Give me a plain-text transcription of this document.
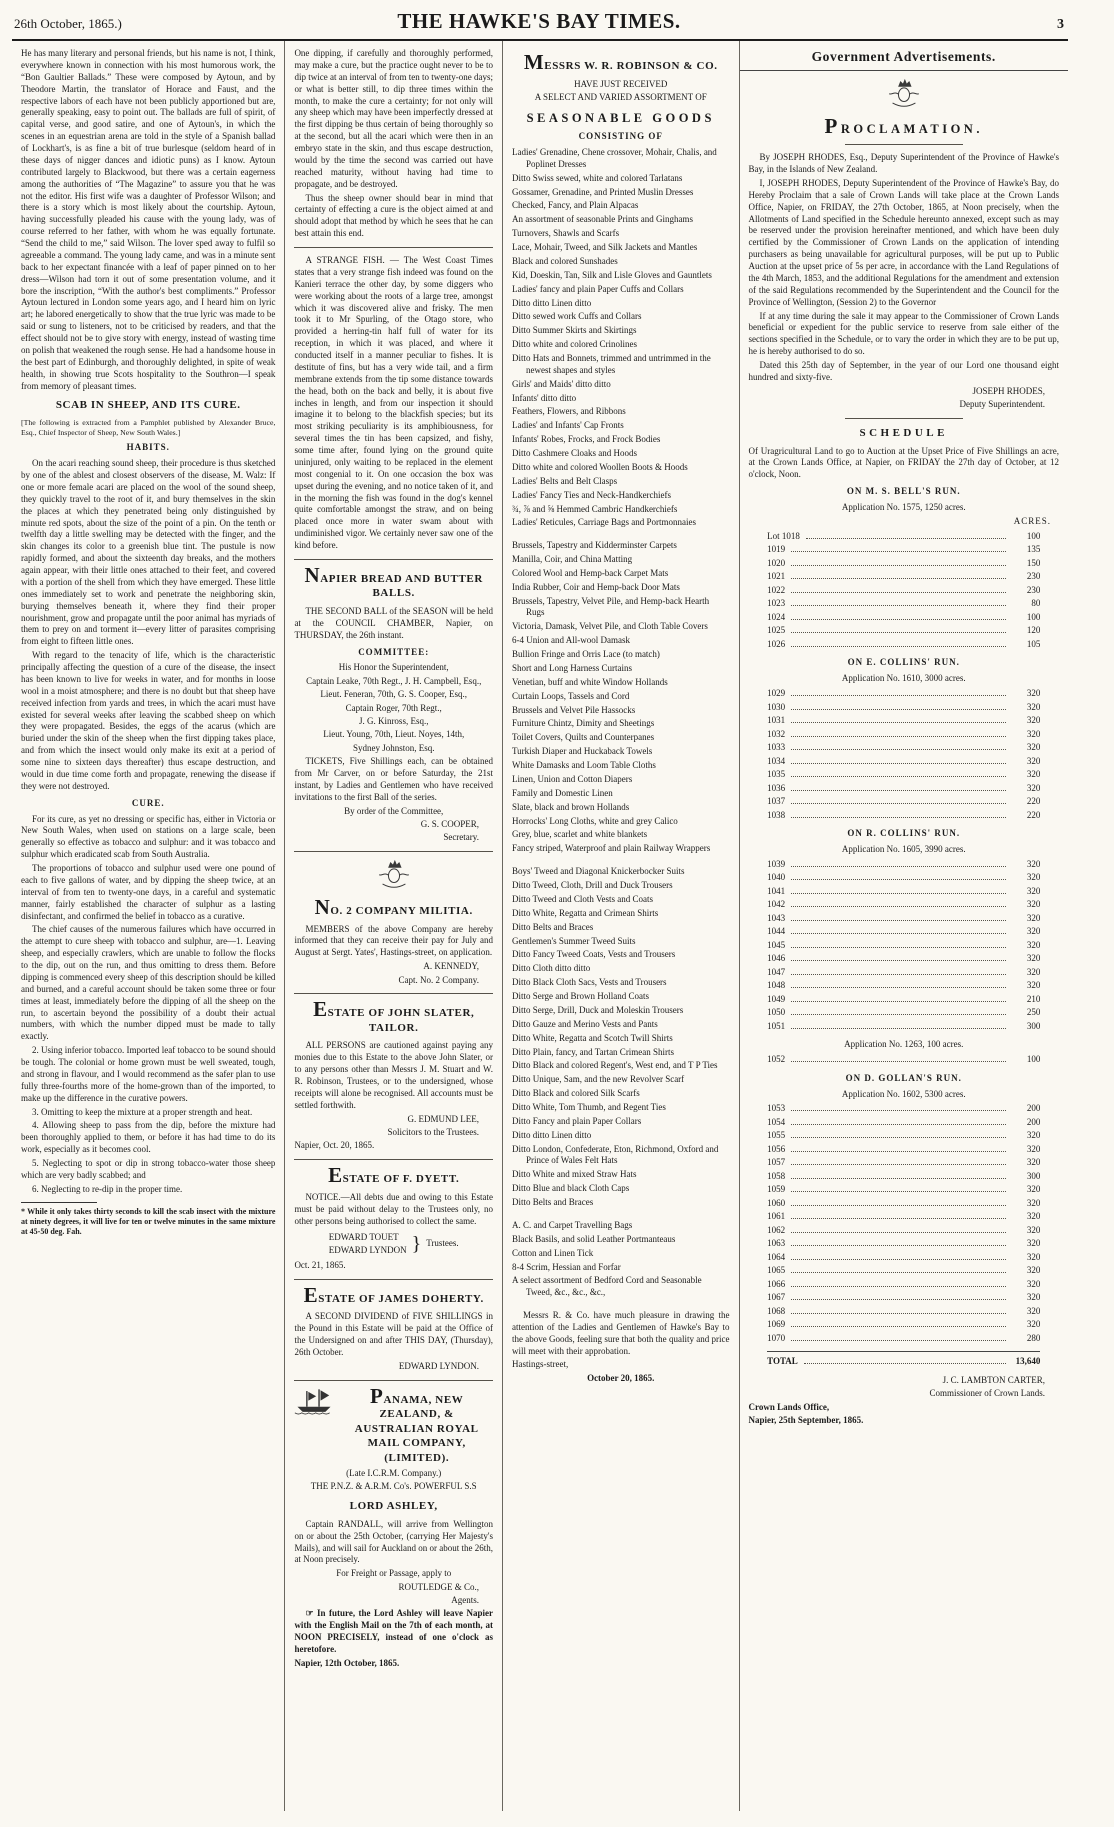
26th October, 1865.)	THE HAWKE'S BAY TIMES.	3

He has many literary and personal friends, but his name is not, I think, everywhere known in connection with his most humorous work, the “Bon Gaultier Ballads.” These were composed by Aytoun, and by Theodore Martin, the translator of Horace and Faust, and the respective labors of each have not been publicly apportioned but are, generally speaking, easy to point out. The ballads are full of spirit, of capital verse, and good satire, and one of Aytoun's, in which the scenes in an equestrian arena are told in the style of a Spanish ballad of Lockhart's, is as fine a bit of true burlesque (seldom heard of in these days of nigger dances and idiotic puns) as I know. Aytoun contributed largely to Blackwood, but there was a certain eagerness among the authorities of “The Magazine” to assure you that he was not the editor. His first wife was a daughter of Professor Wilson; and there is a story which is most likely about the courtship. Aytoun, having successfully pleaded his cause with the young lady, was of course referred to her father, with whom he was equally fortunate. “Send the child to me,” said Wilson. The lover sped away to fulfil so agreeable a command. The young lady came, and was in a minute sent back to her expectant financée with a leaf of paper pinned on to her dress—Wilson had torn it out of some presentation volume, and it bore the inscription, “With the author's best compliments.” Professor Aytoun lectured in London some years ago, and I heard him on lyric art; he labored energetically to show that the true lyric was made to be said or sung to listeners, not to be criticised by readers, and that the effect should not be to give story with energy, instead of wasting time on polish that weakened the rough sense. He had a handsome house in the best part of Edinburgh, and thoroughly delighted, in spite of weak health, in showing true Scots hospitality to the Southron—I speak from memory of pleasant times.

SCAB IN SHEEP, AND ITS CURE.

[The following is extracted from a Pamphlet published by Alexander Bruce, Esq., Chief Inspector of Sheep, New South Wales.]

HABITS.

On the acari reaching sound sheep, their procedure is thus sketched by one of the ablest and closest observers of the disease, M. Walz: If one or more female acari are placed on the wool of the sound sheep, they quickly travel to the root of it, and bury themselves in the skin the places at which they penetrated being only distinguished by minute red spots, about the size of the point of a pin. On the tenth or twelfth day a little swelling may be detected with the finger, and the skin changes its color to a greenish blue tint. The pustule is now rapidly formed, and about the sixteenth day breaks, and the mothers again appear, with their little ones attached to their feet, and covered with a portion of the shell from which they have emerged. These little ones immediately set to work and penetrate the neighboring skin, burying themselves beneath it, where they find their proper nourishment, grow and propagate until the poor animal has myriads of them to prey on and torment it—every litter of parasites comprising from eight to fifteen little ones.

With regard to the tenacity of life, which is the characteristic principally affecting the question of a cure of the disease, the insect has been known to live for weeks in water, and for months in loose wool in a moist atmosphere; and there is no doubt but that sheep have received infection from yards and trees, in which the acari must have existed for several weeks after leaving the scabbed sheep on which they were propagated. Besides, the eggs of the acarus (which are buried under the skin of the sheep when the first dipping takes place, and from which the insect would only make its exit at a period of some nine to sixteen days thereafter) thus escape destruction, and would in due time come forth and propagate, renewing the disease if they were not destroyed.

CURE.

For its cure, as yet no dressing or specific has, either in Victoria or New South Wales, when used on stations on a large scale, been generally so effective as tobacco and sulphur: and it was tobacco and sulphur which eradicated scab from South Australia.

The proportions of tobacco and sulphur used were one pound of each to five gallons of water, and by dipping the sheep twice, at an interval of from ten to twenty-one days, in a careful and systematic manner, fairly established the character of sulphur as a lasting disinfectant, and confirmed the belief in tobacco as a curative.

The chief causes of the numerous failures which have occurred in the attempt to cure sheep with tobacco and sulphur, are—1. Leaving sheep, and especially crawlers, which are unable to follow the flocks to the dip, out on the run, and thus omitting to dress them. Before dipping is commenced every sheep of this description should be killed and burned, and a careful account should be taken some three or four times at least, immediately before the dipping of all the sheep on the run, to ascertain beyond the possibility of a doubt their actual numbers, with which the number dipped must be made to tally exactly.

2. Using inferior tobacco. Imported leaf tobacco to be sound should be tough. The colonial or home grown must be well sweated, tough, and strong in flavour, and I would recommend as the safer plan to use fully three-fourths more of the home-grown than of the imported, to make up the difference in the curative powers.

3. Omitting to keep the mixture at a proper strength and heat.

4. Allowing sheep to pass from the dip, before the mixture had been thoroughly applied to them, or before it has had time to do its work, especially as it becomes cool.

5. Neglecting to spot or dip in strong tobacco-water those sheep which are very badly scabbed; and

6. Neglecting to re-dip in the proper time.

* While it only takes thirty seconds to kill the scab insect with the mixture at ninety degrees, it will live for ten or twelve minutes in the same mixture at 45-50 deg. Fah.

One dipping, if carefully and thoroughly performed, may make a cure, but the practice ought never to be to dip twice at an interval of from ten to twenty-one days; or what is better still, to dip three times within the month, to make the cure a certainty; for not only will any sheep which may have been imperfectly dressed at the first dipping be thus certain of being thoroughly so at the second, but all the acari which were then in an embryo state in the skin, and thus escape destruction, would by the time the second was carried out have reached maturity, without having had time to propagate, and be destroyed.

Thus the sheep owner should bear in mind that certainty of effecting a cure is the object aimed at and should adopt that method by which he sees that he can best attain this end.

A STRANGE FISH. — The West Coast Times states that a very strange fish indeed was found on the Kanieri terrace the other day, by some diggers who were working about the roots of a large tree, amongst which it was discovered alive and frisky. The men took it to Mr Spurling, of the Otago store, who provided a herring-tin half full of water for its reception, in which it was placed, and where it conducted itself in a manner peculiar to fishes. It is destitute of fins, but has a very wide tail, and a firm membrane extends from the tip some distance towards the head, both on the back and belly, it is about five inches in length, and from our inspection it should imagine it to belong to the blackfish species; but its most striking peculiarity is its amphibiousness, for several times the tin has been capsized, and fishy, some time after, found lying on the ground quite uninjured, only waiting to be replaced in the element most congenial to it. On one occasion the box was upset during the evening, and no notice taken of it, and in the morning the fish was found in the dog's kennel quite comfortable amongst the straw, and on being placed once more in water swam about with undiminished vigor. We certainly never saw one of the kind before.

NAPIER BREAD AND BUTTER BALLS.

THE SECOND BALL of the SEASON will be held at the COUNCIL CHAMBER, Napier, on THURSDAY, the 26th instant.

COMMITTEE:
His Honor the Superintendent,
Captain Leake, 70th Regt., J. H. Campbell, Esq.,
Lieut. Feneran, 70th, G. S. Cooper, Esq.,
Captain Roger, 70th Regt.,
J. G. Kinross, Esq.,
Lieut. Young, 70th, Lieut. Noyes, 14th,
Sydney Johnston, Esq.

TICKETS, Five Shillings each, can be obtained from Mr Carver, on or before Saturday, the 21st instant, by Ladies and Gentlemen who have received invitations to the first Ball of the series.

By order of the Committee,
G. S. COOPER,
Secretary.
NO. 2 COMPANY MILITIA.

MEMBERS of the above Company are hereby informed that they can receive their pay for July and August at Sergt. Yates', Hastings-street, on application.

A. KENNEDY,
Capt. No. 2 Company.
ESTATE OF JOHN SLATER, TAILOR.

ALL PERSONS are cautioned against paying any monies due to this Estate to the above John Slater, or to any persons other than Messrs J. M. Stuart and W. R. Robinson, Trustees, or to the undersigned, whose receipts will alone be recognised. All accounts must be settled forthwith.

G. EDMUND LEE,
Solicitors to the Trustees.
Napier, Oct. 20, 1865.
ESTATE OF F. DYETT.

NOTICE.—All debts due and owing to this Estate must be paid without delay to the Trustees only, no other persons being authorised to collect the same.

EDWARD TOUET
EDWARD LYNDON } Trustees.
Oct. 21, 1865.
ESTATE OF JAMES DOHERTY.

A SECOND DIVIDEND of FIVE SHILLINGS in the Pound in this Estate will be paid at the Office of the Undersigned on and after THIS DAY, (Thursday), 26th October.

EDWARD LYNDON.
PANAMA, NEW ZEALAND, & AUSTRALIAN ROYAL MAIL COMPANY, (LIMITED).
(Late I.C.R.M. Company.)
THE P.N.Z. & A.R.M. Co's. POWERFUL S.S
LORD ASHLEY,

Captain RANDALL, will arrive from Wellington on or about the 25th October, (carrying Her Majesty's Mails), and will sail for Auckland on or about the 26th, at Noon precisely.

For Freight or Passage, apply to
ROUTLEDGE & Co.,
Agents.

☞ In future, the Lord Ashley will leave Napier with the English Mail on the 7th of each month, at NOON PRECISELY, instead of one o'clock as heretofore.

Napier, 12th October, 1865.
MESSRS W. R. ROBINSON & CO.
HAVE JUST RECEIVED
A SELECT AND VARIED ASSORTMENT OF
SEASONABLE GOODS
CONSISTING OF
Ladies' Grenadine, Chene crossover, Mohair, Chalis, and Poplinet Dresses
Ditto Swiss sewed, white and colored Tarlatans
Gossamer, Grenadine, and Printed Muslin Dresses
Checked, Fancy, and Plain Alpacas
An assortment of seasonable Prints and Ginghams
Turnovers, Shawls and Scarfs
Lace, Mohair, Tweed, and Silk Jackets and Mantles
Black and colored Sunshades
Kid, Doeskin, Tan, Silk and Lisle Gloves and Gauntlets
Ladies' fancy and plain Paper Cuffs and Collars
Ditto ditto Linen ditto
Ditto sewed work Cuffs and Collars
Ditto Summer Skirts and Skirtings
Ditto white and colored Crinolines
Ditto Hats and Bonnets, trimmed and untrimmed in the newest shapes and styles
Girls' and Maids' ditto ditto
Infants' ditto ditto
Feathers, Flowers, and Ribbons
Ladies' and Infants' Cap Fronts
Infants' Robes, Frocks, and Frock Bodies
Ditto Cashmere Cloaks and Hoods
Ditto white and colored Woollen Boots & Hoods
Ladies' Belts and Belt Clasps
Ladies' Fancy Ties and Neck-Handkerchiefs
¾, ⅞ and ⅝ Hemmed Cambric Handkerchiefs
Ladies' Reticules, Carriage Bags and Portmonnaies
Brussels, Tapestry and Kidderminster Carpets
Manilla, Coir, and China Matting
Colored Wool and Hemp-back Carpet Mats
India Rubber, Coir and Hemp-back Door Mats
Brussels, Tapestry, Velvet Pile, and Hemp-back Hearth Rugs
Victoria, Damask, Velvet Pile, and Cloth Table Covers
6-4 Union and All-wool Damask
Bullion Fringe and Orris Lace (to match)
Short and Long Harness Curtains
Venetian, buff and white Window Hollands
Curtain Loops, Tassels and Cord
Brussels and Velvet Pile Hassocks
Furniture Chintz, Dimity and Sheetings
Toilet Covers, Quilts and Counterpanes
Turkish Diaper and Huckaback Towels
White Damasks and Loom Table Cloths
Linen, Union and Cotton Diapers
Family and Domestic Linen
Slate, black and brown Hollands
Horrocks' Long Cloths, white and grey Calico
Grey, blue, scarlet and white blankets
Fancy striped, Waterproof and plain Railway Wrappers
Boys' Tweed and Diagonal Knickerbocker Suits
Ditto Tweed, Cloth, Drill and Duck Trousers
Ditto Tweed and Cloth Vests and Coats
Ditto White, Regatta and Crimean Shirts
Ditto Belts and Braces
Gentlemen's Summer Tweed Suits
Ditto Fancy Tweed Coats, Vests and Trousers
Ditto Cloth ditto ditto
Ditto Black Cloth Sacs, Vests and Trousers
Ditto Serge and Brown Holland Coats
Ditto Serge, Drill, Duck and Moleskin Trousers
Ditto Gauze and Merino Vests and Pants
Ditto White, Regatta and Scotch Twill Shirts
Ditto Plain, fancy, and Tartan Crimean Shirts
Ditto Black and colored Regent's, West end, and T P Ties
Ditto Unique, Sam, and the new Revolver Scarf
Ditto Black and colored Silk Scarfs
Ditto White, Tom Thumb, and Regent Ties
Ditto Fancy and plain Paper Collars
Ditto ditto Linen ditto
Ditto London, Confederate, Eton, Richmond, Oxford and Prince of Wales Felt Hats
Ditto White and mixed Straw Hats
Ditto Blue and black Cloth Caps
Ditto Belts and Braces
A. C. and Carpet Travelling Bags
Black Basils, and solid Leather Portmanteaus
Cotton and Linen Tick
8-4 Scrim, Hessian and Forfar
A select assortment of Bedford Cord and Seasonable Tweed, &c., &c., &c.,

Messrs R. & Co. have much pleasure in drawing the attention of the Ladies and Gentlemen of Hawke's Bay to the above Goods, feeling sure that both the quality and price will meet with their approbation.

Hastings-street,
October 20, 1865.
Government Advertisements.
PROCLAMATION.

By JOSEPH RHODES, Esq., Deputy Superintendent of the Province of Hawke's Bay, in the Islands of New Zealand.

I, JOSEPH RHODES, Deputy Superintendent of the Province of Hawke's Bay, do Hereby Proclaim that a sale of Crown Lands will take place at the Crown Lands Office, Napier, on FRIDAY, the 27th October, 1865, at Noon precisely, when the Allotments of Land specified in the Schedule hereunto annexed, except such as may be reserved under the provision hereinafter mentioned, and which have been duly certified by the Commissioner of Crown Lands on the application of intending purchasers as being unavailable for agricultural purposes, will be put up to Public Auction at the upset price of 5s per acre, in accordance with the Land Regulations of the 4th March, 1853, and the additional Regulations for the amendment and extension of the said Regulations recommended by the Superintendent and the Council for the Province of Wellington, (Session 2) to the Governor

If at any time during the sale it may appear to the Commissioner of Crown Lands beneficial or expedient for the public service to reserve from sale either of the sections specified in the Schedule, or to vary the order in which they are to be put up, he is hereby authorised to do so.

Dated this 25th day of September, in the year of our Lord one thousand eight hundred and sixty-five.

JOSEPH RHODES,
Deputy Superintendent.
SCHEDULE

Of Uragricultural Land to go to Auction at the Upset Price of Five Shillings an acre, at the Crown Lands Office, at Napier, on FRIDAY the 27th day of October, at 12 o'clock, Noon.

ON M. S. BELL'S RUN.
Application No. 1575, 1250 acres.
ACRES.
Lot 1018	100
1019	135
1020	150
1021	230
1022	230
1023	80
1024	100
1025	120
1026	105
ON E. COLLINS' RUN.
Application No. 1610, 3000 acres.
1029	320
1030	320
1031	320
1032	320
1033	320
1034	320
1035	320
1036	320
1037	220
1038	220
ON R. COLLINS' RUN.
Application No. 1605, 3990 acres.
1039	320
1040	320
1041	320
1042	320
1043	320
1044	320
1045	320
1046	320
1047	320
1048	320
1049	210
1050	250
1051	300
Application No. 1263, 100 acres.
1052	100
ON D. GOLLAN'S RUN.
Application No. 1602, 5300 acres.
1053	200
1054	200
1055	320
1056	320
1057	320
1058	300
1059	320
1060	320
1061	320
1062	320
1063	320
1064	320
1065	320
1066	320
1067	320
1068	320
1069	320
1070	280
TOTAL	13,640
J. C. LAMBTON CARTER,
Commissioner of Crown Lands.
Crown Lands Office,
Napier, 25th September, 1865.
